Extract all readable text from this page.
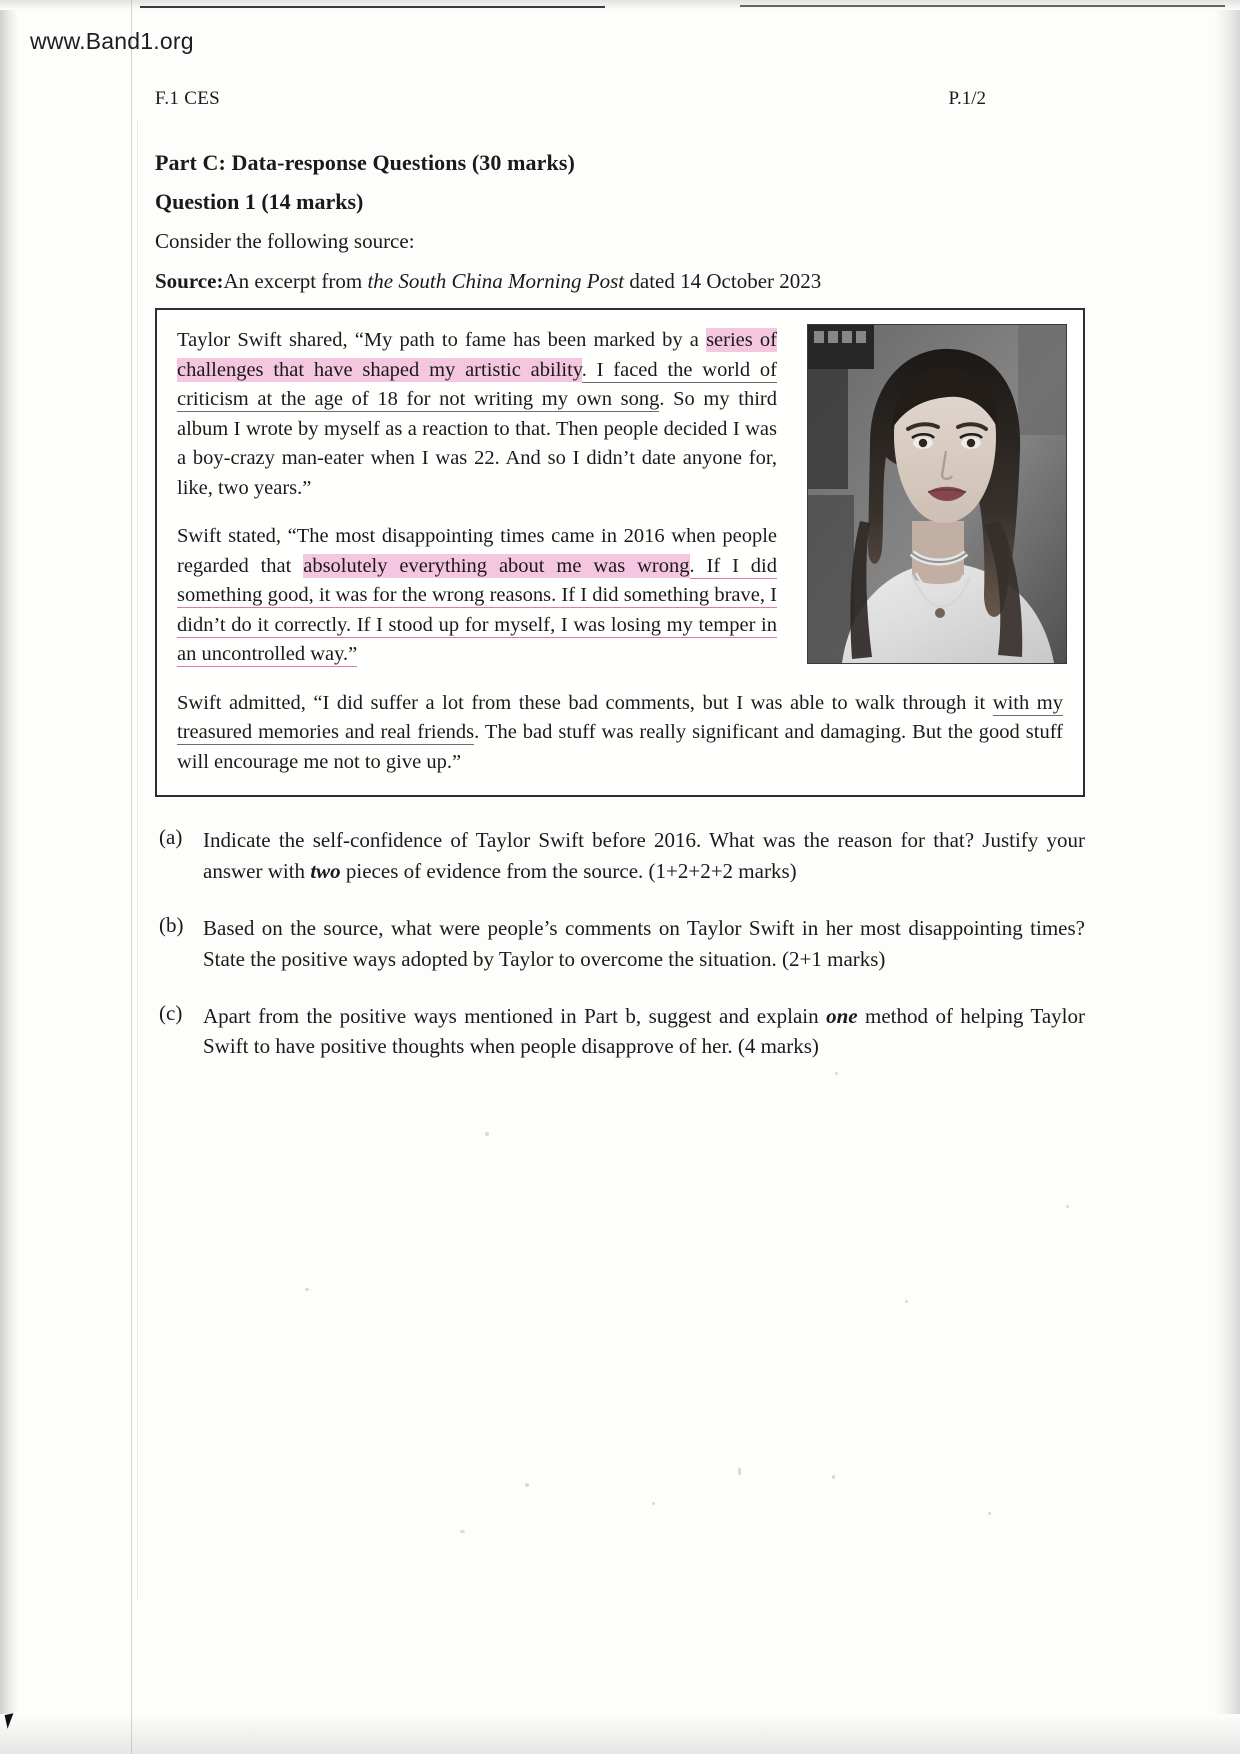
www.Band1.org
F.1 CES	P.1/2
Part C: Data-response Questions (30 marks)
Question 1 (14 marks)
Consider the following source:
Source:An excerpt from the South China Morning Post dated 14 October 2023

Taylor Swift shared, “My path to fame has been marked by a series of challenges that have shaped my artistic ability. I faced the world of criticism at the age of 18 for not writing my own song. So my third album I wrote by myself as a reaction to that. Then people decided I was a boy-crazy man-eater when I was 22. And so I didn’t date anyone for, like, two years.”

Swift stated, “The most disappointing times came in 2016 when people regarded that absolutely everything about me was wrong. If I did something good, it was for the wrong reasons. If I did something brave, I didn’t do it correctly. If I stood up for myself, I was losing my temper in an uncontrolled way.”

Swift admitted, “I did suffer a lot from these bad comments, but I was able to walk through it with my treasured memories and real friends. The bad stuff was really significant and damaging. But the good stuff will encourage me not to give up.”

(a) Indicate the self-confidence of Taylor Swift before 2016. What was the reason for that? Justify your answer with two pieces of evidence from the source. (1+2+2+2 marks)
(b) Based on the source, what were people’s comments on Taylor Swift in her most disappointing times? State the positive ways adopted by Taylor to overcome the situation. (2+1 marks)
(c) Apart from the positive ways mentioned in Part b, suggest and explain one method of helping Taylor Swift to have positive thoughts when people disapprove of her. (4 marks)
